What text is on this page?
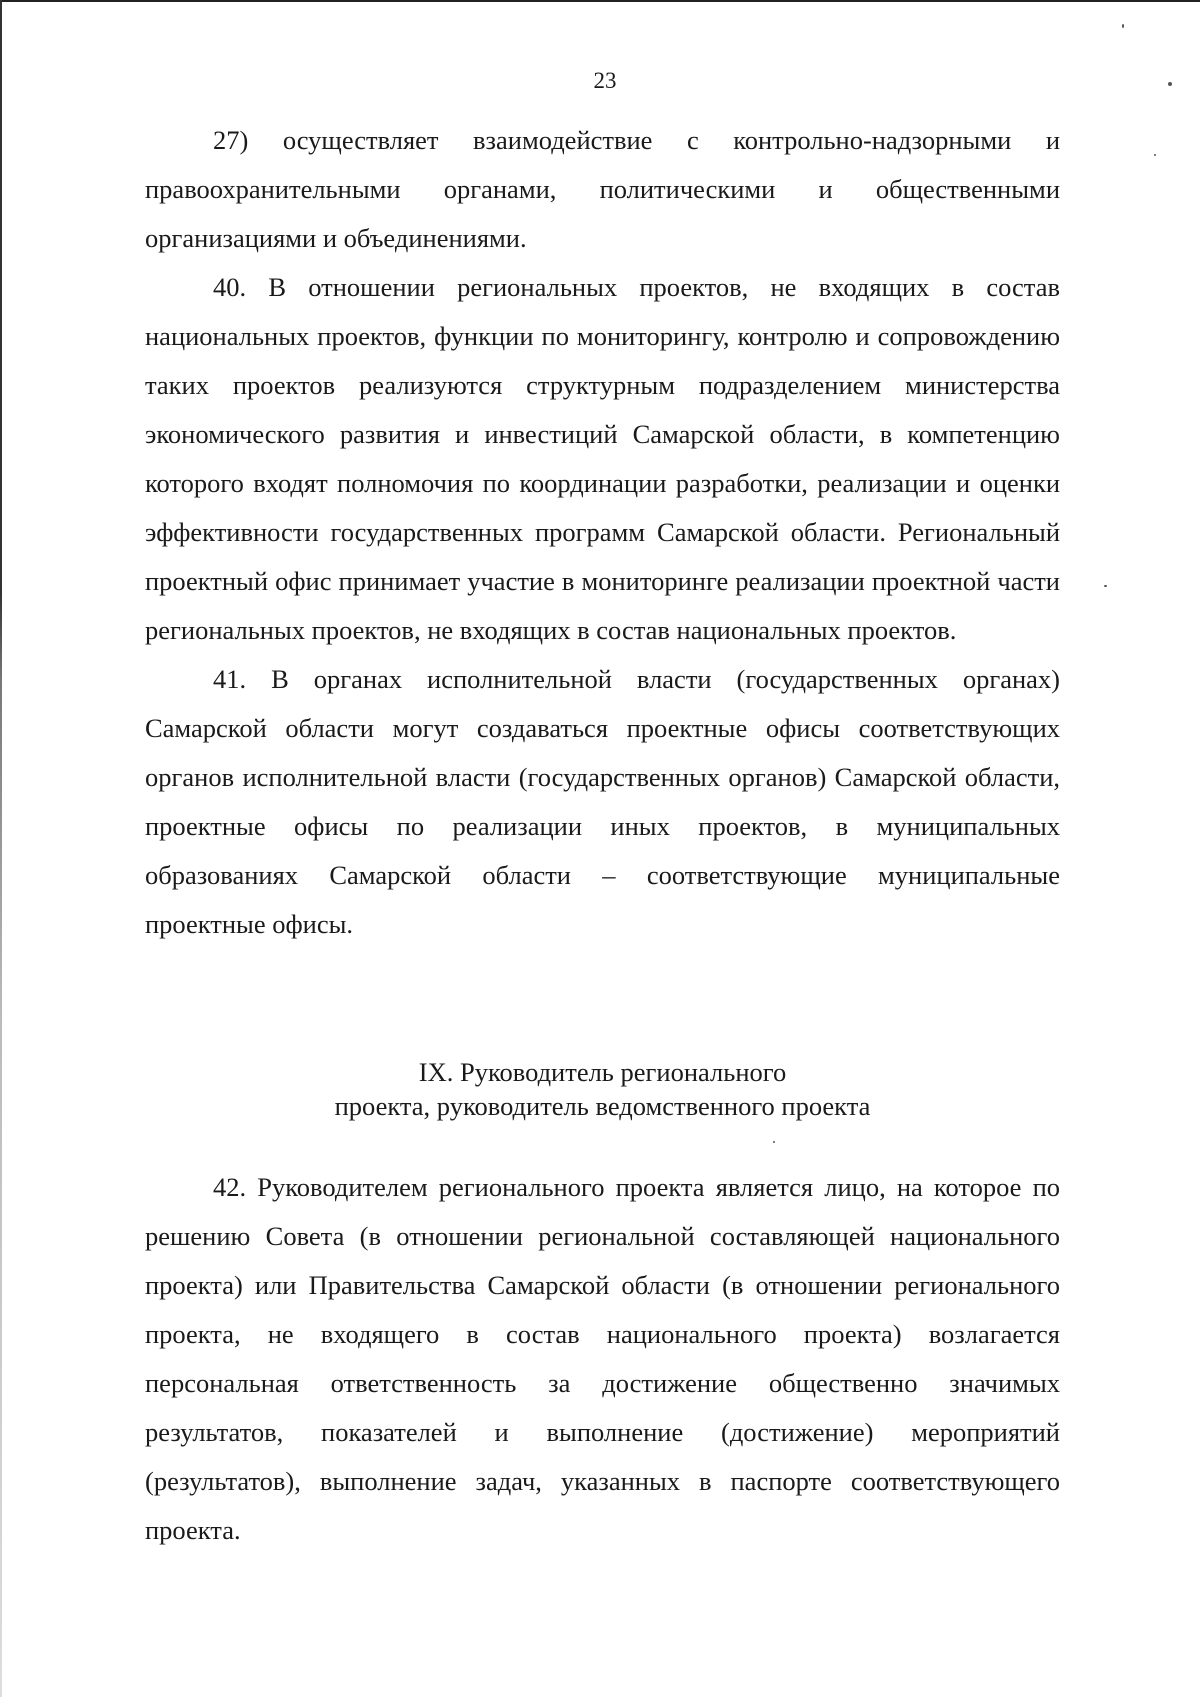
23

27) осуществляет взаимодействие с контрольно-надзорными и правоохранительными органами, политическими и общественными организациями и объединениями.

40. В отношении региональных проектов, не входящих в состав национальных проектов, функции по мониторингу, контролю и сопровождению таких проектов реализуются структурным подразделением министерства экономического развития и инвестиций Самарской области, в компетенцию которого входят полномочия по координации разработки, реализации и оценки эффективности государственных программ Самарской области. Региональный проектный офис принимает участие в мониторинге реализации проектной части региональных проектов, не входящих в состав национальных проектов.

41. В органах исполнительной власти (государственных органах) Самарской области могут создаваться проектные офисы соответствующих органов исполнительной власти (государственных органов) Самарской области, проектные офисы по реализации иных проектов, в муниципальных образованиях Самарской области – соответствующие муниципальные проектные офисы.

IX. Руководитель регионального
проекта, руководитель ведомственного проекта

42. Руководителем регионального проекта является лицо, на которое по решению Совета (в отношении региональной составляющей национального проекта) или Правительства Самарской области (в отношении регионального проекта, не входящего в состав национального проекта) возлагается персональная ответственность за достижение общественно значимых результатов, показателей и выполнение (достижение) мероприятий (результатов), выполнение задач, указанных в паспорте соответствующего проекта.
